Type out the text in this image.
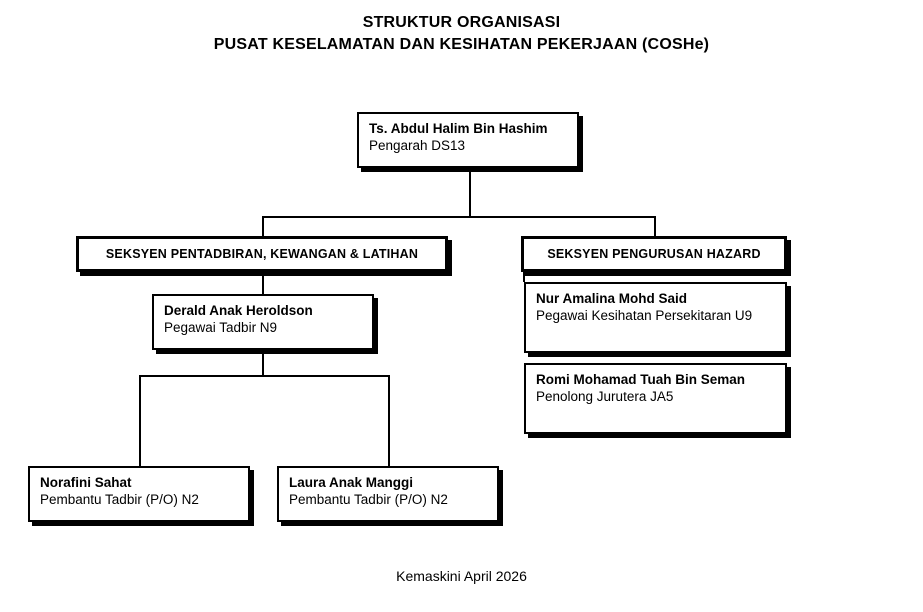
STRUKTUR ORGANISASI
PUSAT KESELAMATAN DAN KESIHATAN PEKERJAAN (COSHe)
Ts. Abdul Halim Bin Hashim
Pengarah DS13
SEKSYEN PENTADBIRAN, KEWANGAN & LATIHAN	SEKSYEN PENGURUSAN HAZARD
Derald Anak Heroldson
Pegawai Tadbir N9
Nur Amalina Mohd Said
Pegawai Kesihatan Persekitaran U9
Romi Mohamad Tuah Bin Seman
Penolong Jurutera JA5
Norafini Sahat
Pembantu Tadbir (P/O) N2
Laura Anak Manggi
Pembantu Tadbir (P/O) N2
Kemaskini April 2026
